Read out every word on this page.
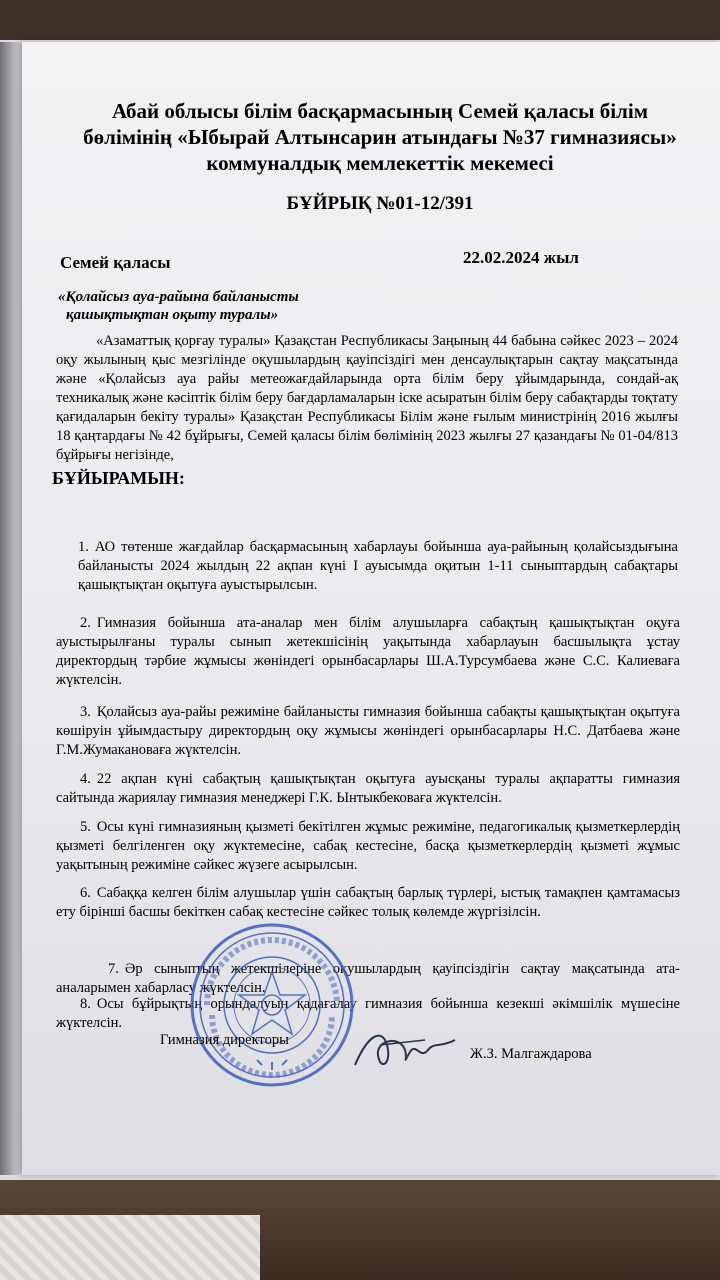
Абай облысы білім басқармасының Семей қаласы білім
бөлімінің «Ыбырай Алтынсарин атындағы №37 гимназиясы»
коммуналдық мемлекеттік мекемесі
БҰЙРЫҚ №01-12/391
Семей қаласы	22.02.2024 жыл
«Қолайсыз ауа-райына байланысты
қашықтықтан оқыту туралы»
«Азаматтық қорғау туралы» Қазақстан Республикасы Заңының 44 бабына сәйкес 2023 – 2024 оқу жылының қыс мезгілінде оқушылардың қауіпсіздігі мен денсаулықтарын сақтау мақсатында және «Қолайсыз ауа райы метеожағдайларында орта білім беру ұйымдарында, сондай-ақ техникалық және кәсіптік білім беру бағдарламаларын іске асыратын білім беру сабақтарды тоқтату қағидаларын бекіту туралы» Қазақстан Республикасы Білім және ғылым министрінің 2016 жылғы 18 қаңтардағы № 42 бұйрығы, Семей қаласы білім бөлімінің 2023 жылғы 27 қазандағы № 01-04/813 бұйрығы негізінде,
БҰЙЫРАМЫН:
1. АО төтенше жағдайлар басқармасының хабарлауы бойынша ауа-райының қолайсыздығына байланысты 2024 жылдың 22 ақпан күні I ауысымда оқитын 1-11 сыныптардың сабақтары қашықтықтан оқытуға ауыстырылсын.
2. Гимназия бойынша ата-аналар мен білім алушыларға сабақтың қашықтықтан оқуға ауыстырылғаны туралы сынып жетекшісінің уақытында хабарлауын басшылықта ұстау директордың тәрбие жұмысы жөніндегі орынбасарлары Ш.А.Турсумбаева және С.С. Калиеваға жүктелсін.
3. Қолайсыз ауа-райы режиміне байланысты гимназия бойынша сабақты қашықтықтан оқытуға көшіруін ұйымдастыру директордың оқу жұмысы жөніндегі орынбасарлары Н.С. Датбаева және Г.М.Жумакановаға жүктелсін.
4. 22 ақпан күні сабақтың қашықтықтан оқытуға ауысқаны туралы ақпаратты гимназия сайтында жариялау гимназия менеджері Г.К. Ынтыкбековаға жүктелсін.
5. Осы күні гимназияның қызметі бекітілген жұмыс режиміне, педагогикалық қызметкерлердің қызметі белгіленген оқу жүктемесіне, сабақ кестесіне, басқа қызметкерлердің қызметі жұмыс уақытының режиміне сәйкес жүзеге асырылсын.
6. Сабаққа келген білім алушылар үшін сабақтың барлық түрлері, ыстық тамақпен қамтамасыз ету бірінші басшы бекіткен сабақ кестесіне сәйкес толық көлемде жүргізілсін.
7. Әр сыныптың жетекшілеріне оқушылардың қауіпсіздігін сақтау мақсатында ата-аналарымен хабарласу жүктелсін.
8. Осы бұйрықтың орындалуын қадағалау гимназия бойынша кезекші әкімшілік мүшесіне жүктелсін.
Гимназия директоры
Ж.З. Малгаждарова
